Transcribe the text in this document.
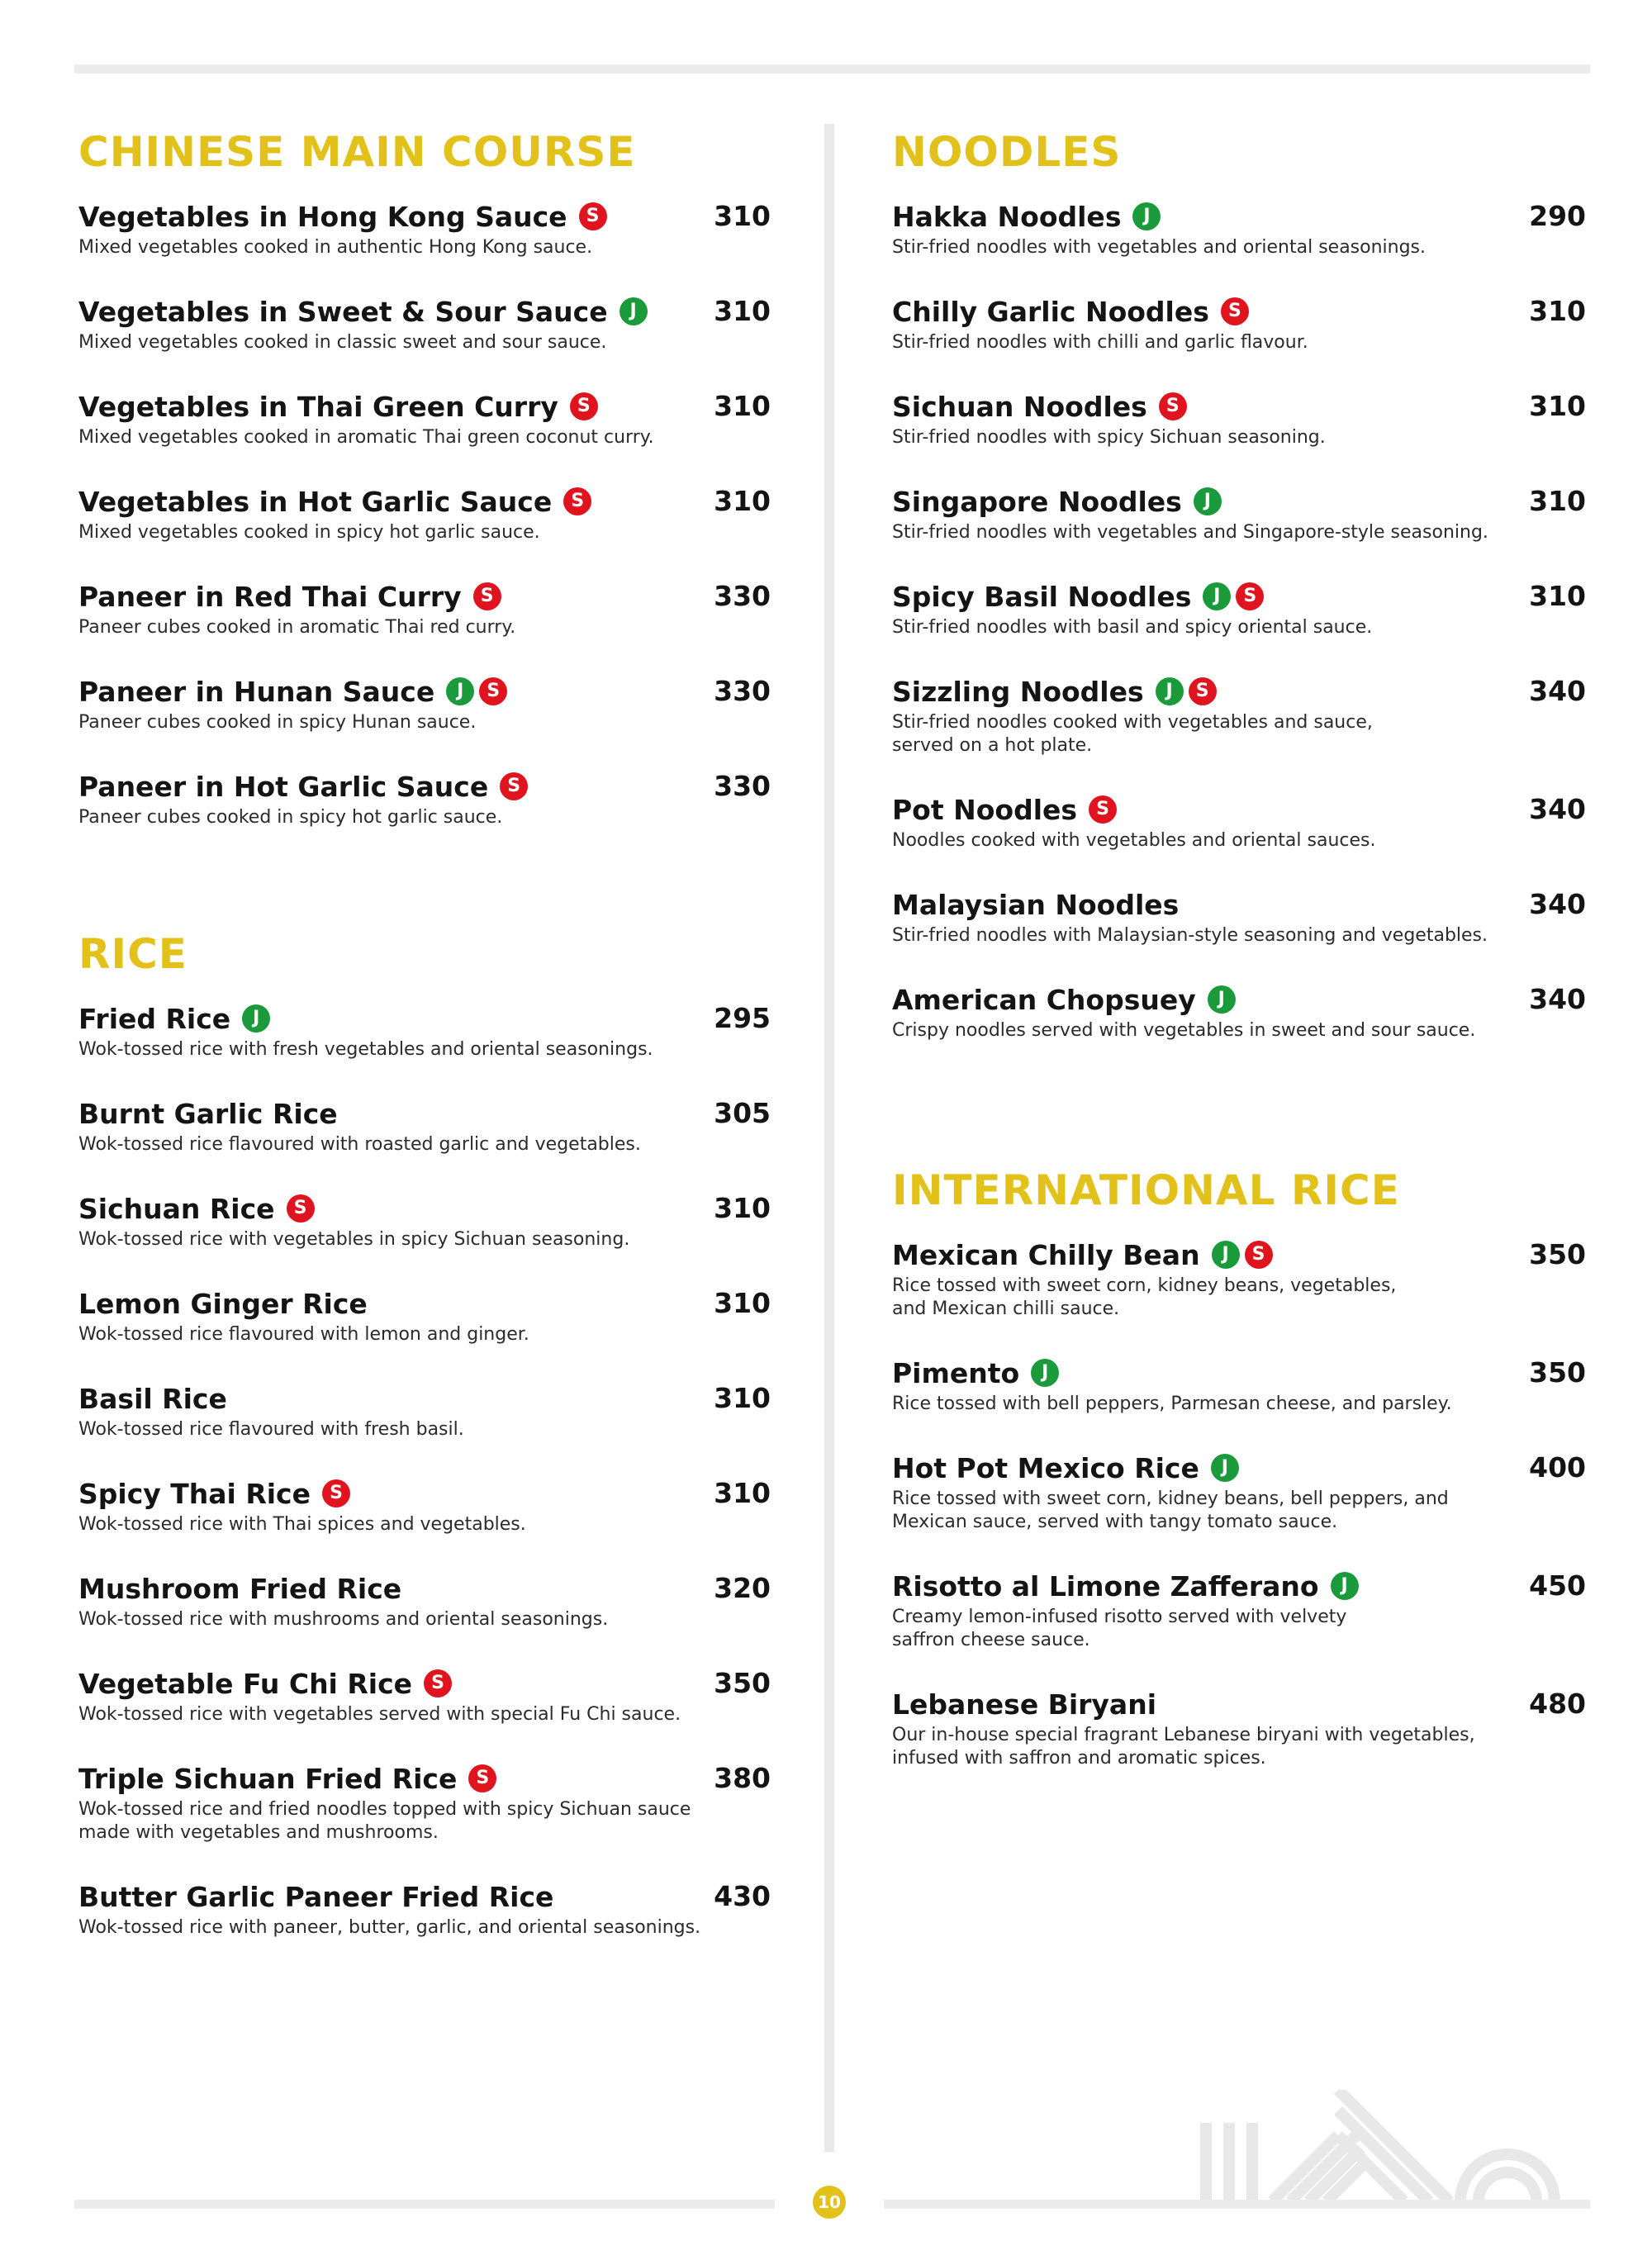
CHINESE MAIN COURSE
Vegetables in Hong Kong Sauce	S	310
Mixed vegetables cooked in authentic Hong Kong sauce.
Vegetables in Sweet & Sour Sauce	J	310
Mixed vegetables cooked in classic sweet and sour sauce.
Vegetables in Thai Green Curry	S	310
Mixed vegetables cooked in aromatic Thai green coconut curry.
Vegetables in Hot Garlic Sauce	S	310
Mixed vegetables cooked in spicy hot garlic sauce.
Paneer in Red Thai Curry	S	330
Paneer cubes cooked in aromatic Thai red curry.
Paneer in Hunan Sauce	J	S	330
Paneer cubes cooked in spicy Hunan sauce.
Paneer in Hot Garlic Sauce	S	330
Paneer cubes cooked in spicy hot garlic sauce.
RICE
Fried Rice	J	295
Wok-tossed rice with fresh vegetables and oriental seasonings.
Burnt Garlic Rice	305
Wok-tossed rice flavoured with roasted garlic and vegetables.
Sichuan Rice	S	310
Wok-tossed rice with vegetables in spicy Sichuan seasoning.
Lemon Ginger Rice	310
Wok-tossed rice flavoured with lemon and ginger.
Basil Rice	310
Wok-tossed rice flavoured with fresh basil.
Spicy Thai Rice	S	310
Wok-tossed rice with Thai spices and vegetables.
Mushroom Fried Rice	320
Wok-tossed rice with mushrooms and oriental seasonings.
Vegetable Fu Chi Rice	S	350
Wok-tossed rice with vegetables served with special Fu Chi sauce.
Triple Sichuan Fried Rice	S	380
Wok-tossed rice and fried noodles topped with spicy Sichuan sauce
made with vegetables and mushrooms.
Butter Garlic Paneer Fried Rice	430
Wok-tossed rice with paneer, butter, garlic, and oriental seasonings.
NOODLES
Hakka Noodles	J	290
Stir-fried noodles with vegetables and oriental seasonings.
Chilly Garlic Noodles	S	310
Stir-fried noodles with chilli and garlic flavour.
Sichuan Noodles	S	310
Stir-fried noodles with spicy Sichuan seasoning.
Singapore Noodles	J	310
Stir-fried noodles with vegetables and Singapore-style seasoning.
Spicy Basil Noodles	J	S	310
Stir-fried noodles with basil and spicy oriental sauce.
Sizzling Noodles	J	S	340
Stir-fried noodles cooked with vegetables and sauce,
served on a hot plate.
Pot Noodles	S	340
Noodles cooked with vegetables and oriental sauces.
Malaysian Noodles	340
Stir-fried noodles with Malaysian-style seasoning and vegetables.
American Chopsuey	J	340
Crispy noodles served with vegetables in sweet and sour sauce.
INTERNATIONAL RICE
Mexican Chilly Bean	J	S	350
Rice tossed with sweet corn, kidney beans, vegetables,
and Mexican chilli sauce.
Pimento	J	350
Rice tossed with bell peppers, Parmesan cheese, and parsley.
Hot Pot Mexico Rice	J	400
Rice tossed with sweet corn, kidney beans, bell peppers, and
Mexican sauce, served with tangy tomato sauce.
Risotto al Limone Zafferano	J	450
Creamy lemon-infused risotto served with velvety
saffron cheese sauce.
Lebanese Biryani	480
Our in-house special fragrant Lebanese biryani with vegetables,
infused with saffron and aromatic spices.
10
